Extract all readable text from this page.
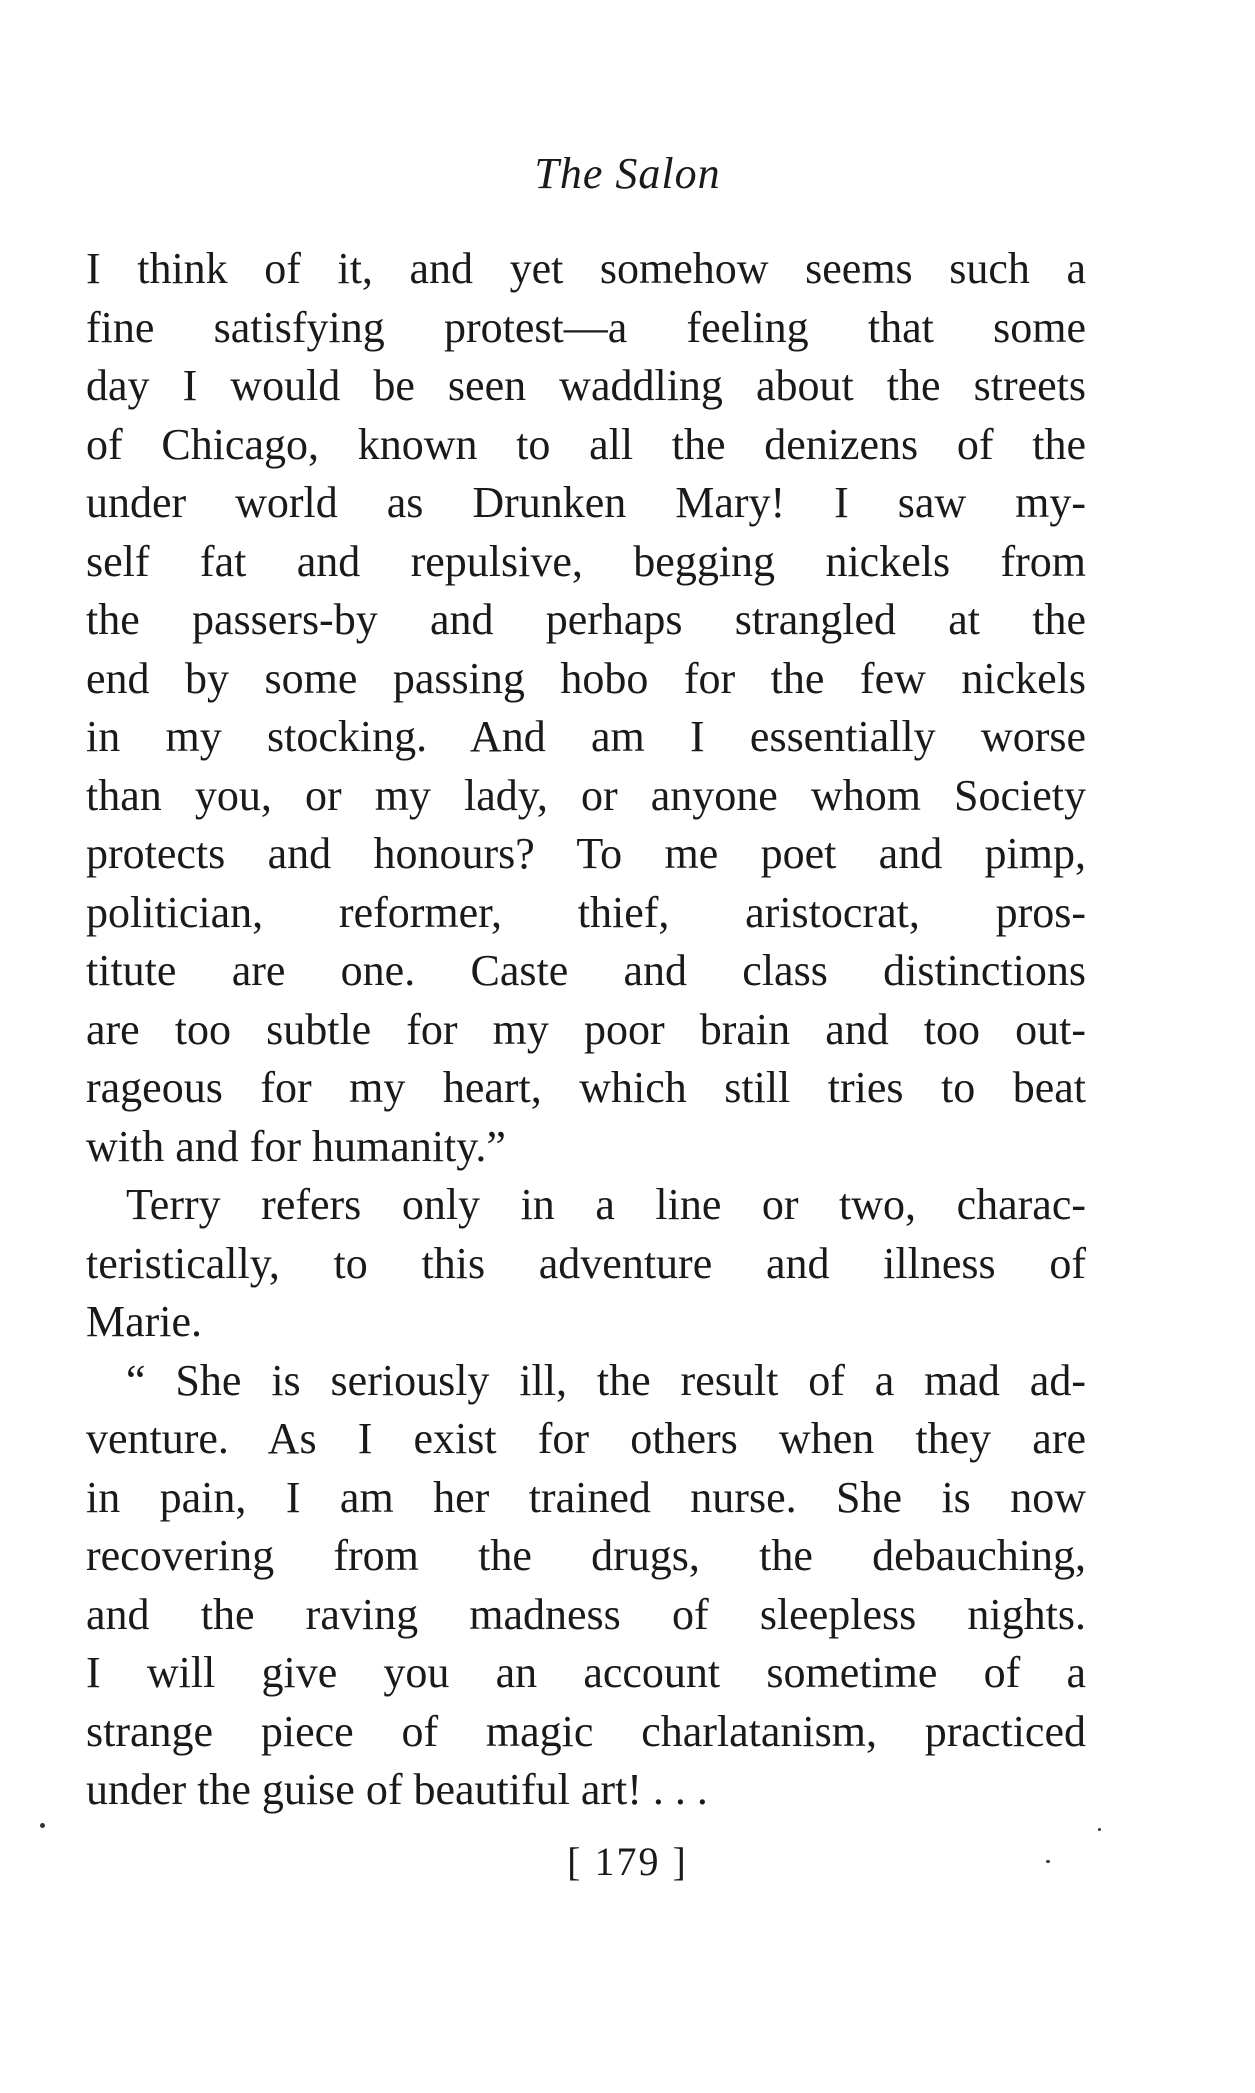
The Salon
I think of it, and yet somehow seems such a
fine satisfying protest—a feeling that some
day I would be seen waddling about the streets
of Chicago, known to all the denizens of the
under world as Drunken Mary! I saw my-
self fat and repulsive, begging nickels from
the passers-by and perhaps strangled at the
end by some passing hobo for the few nickels
in my stocking. And am I essentially worse
than you, or my lady, or anyone whom Society
protects and honours? To me poet and pimp,
politician, reformer, thief, aristocrat, pros-
titute are one. Caste and class distinctions
are too subtle for my poor brain and too out-
rageous for my heart, which still tries to beat
with and for humanity.”
Terry refers only in a line or two, charac-
teristically, to this adventure and illness of
Marie.
“ She is seriously ill, the result of a mad ad-
venture. As I exist for others when they are
in pain, I am her trained nurse. She is now
recovering from the drugs, the debauching,
and the raving madness of sleepless nights.
I will give you an account sometime of a
strange piece of magic charlatanism, practiced
under the guise of beautiful art! . . .
[ 179 ]
